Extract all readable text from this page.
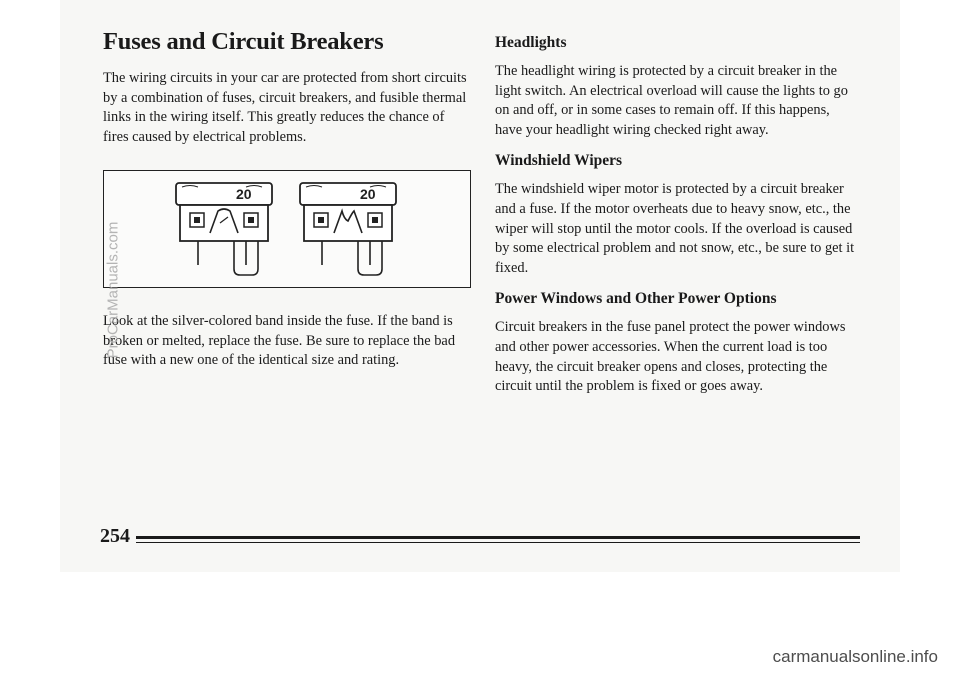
Fuses and Circuit Breakers

The wiring circuits in your car are protected from short circuits by a combination of fuses, circuit breakers, and fusible thermal links in the wiring itself. This greatly reduces the chance of fires caused by electrical problems.

20	20

Look at the silver-colored band inside the fuse. If the band is broken or melted, replace the fuse. Be sure to replace the bad fuse with a new one of the identical size and rating.

ProCarManuals.com
Headlights

The headlight wiring is protected by a circuit breaker in the light switch. An electrical overload will cause the lights to go on and off, or in some cases to remain off. If this happens, have your headlight wiring checked right away.

Windshield Wipers

The windshield wiper motor is protected by a circuit breaker and a fuse. If the motor overheats due to heavy snow, etc., the wiper will stop until the motor cools. If the overload is caused by some electrical problem and not snow, etc., be sure to get it fixed.

Power Windows and Other Power Options

Circuit breakers in the fuse panel protect the power windows and other power accessories. When the current load is too heavy, the circuit breaker opens and closes, protecting the circuit until the problem is fixed or goes away.

254
carmanualsonline.info
